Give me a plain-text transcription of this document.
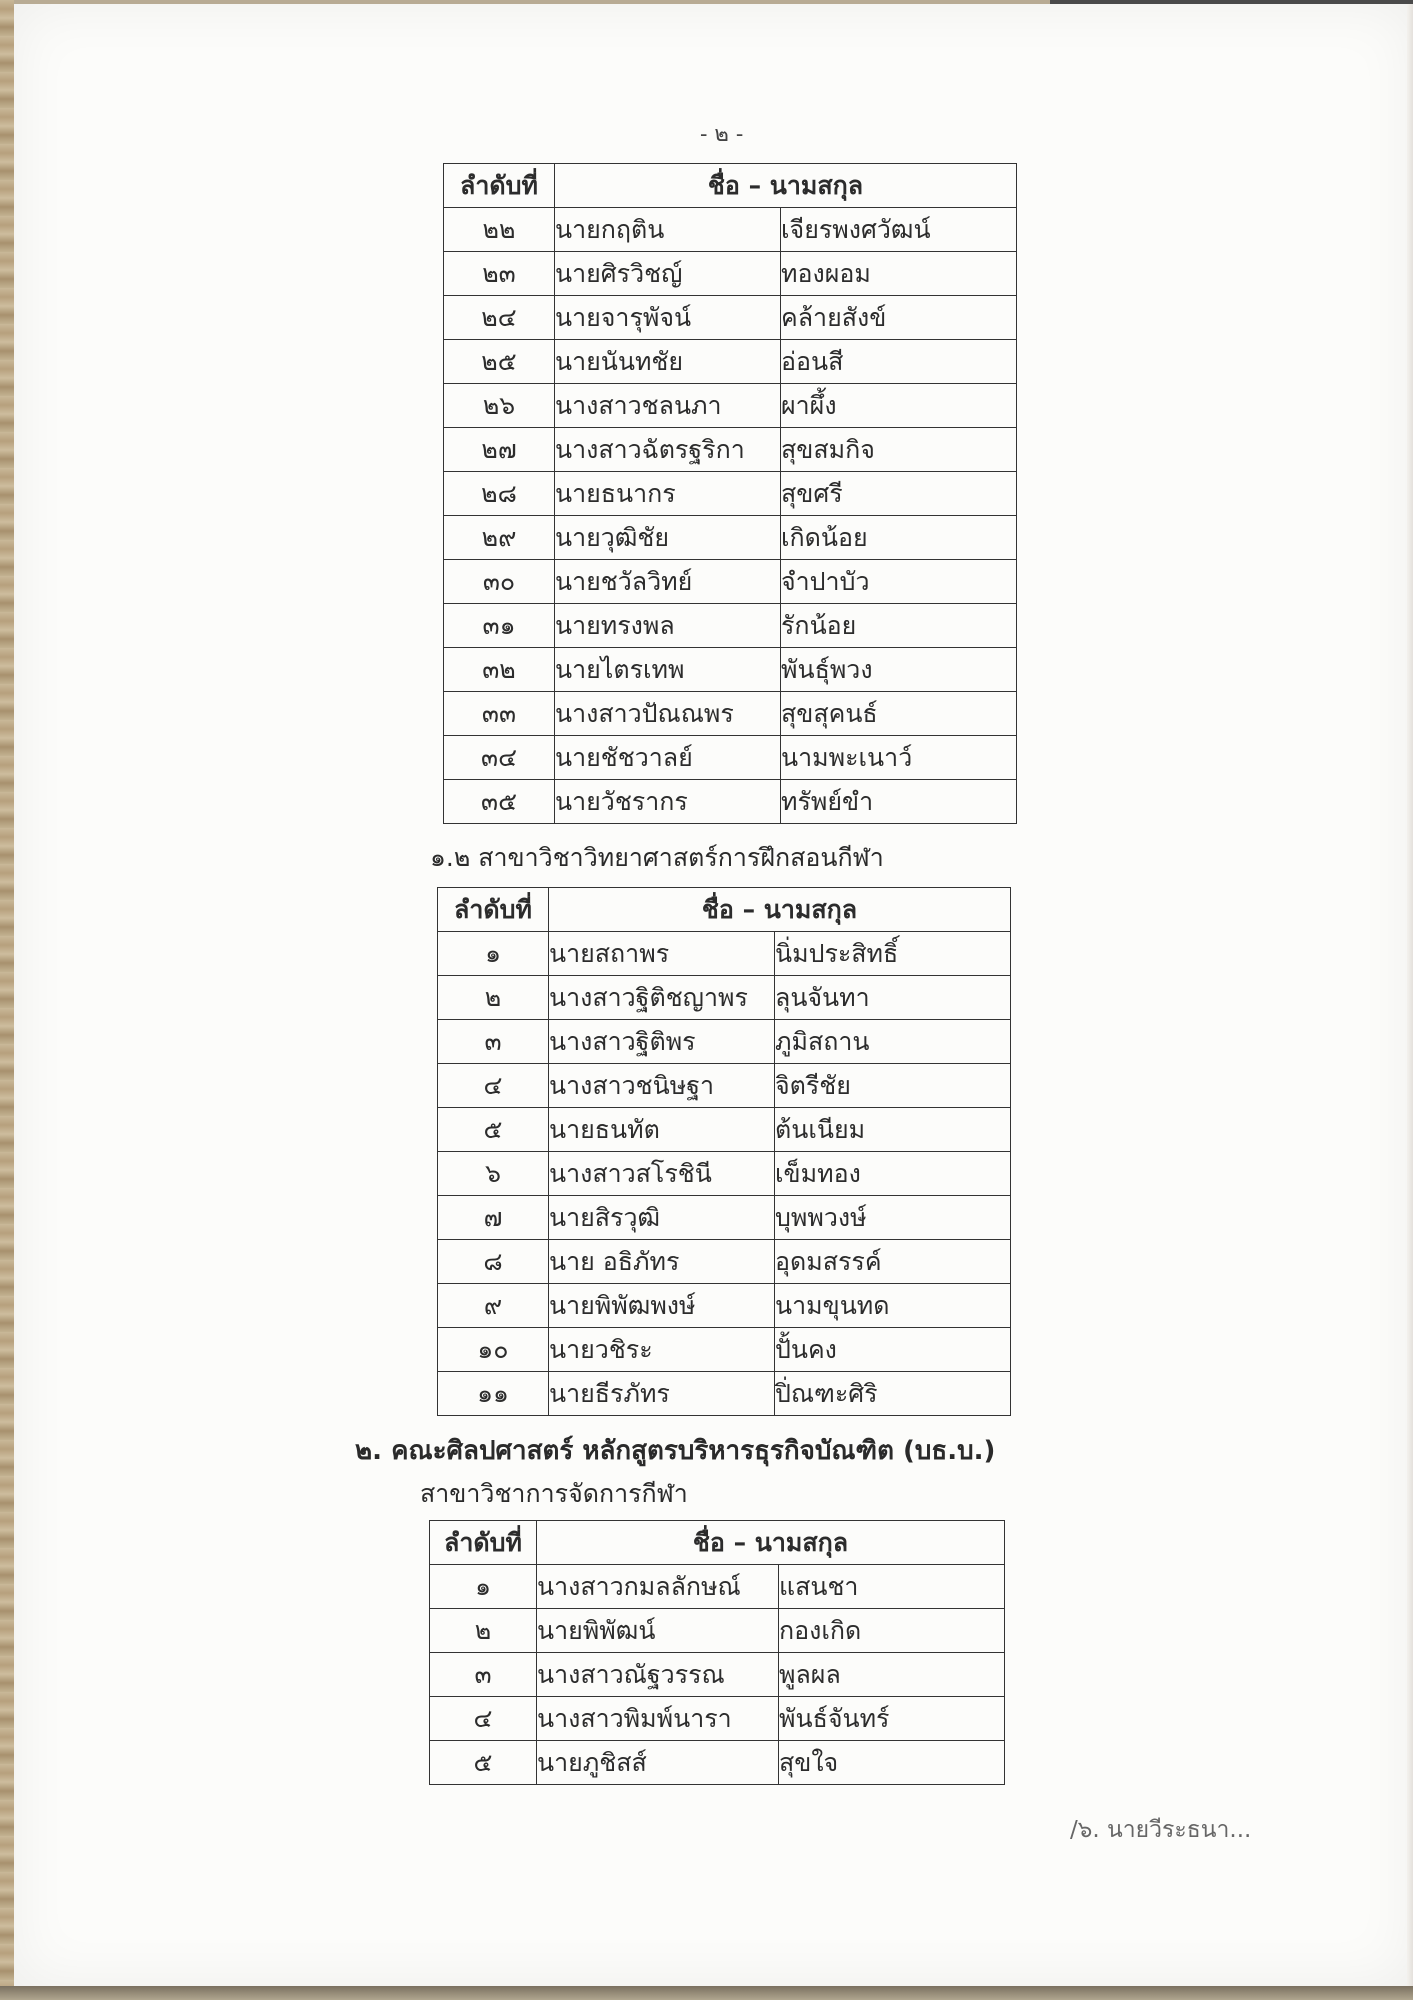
- ๒ -
ลำดับที่	ชื่อ – นามสกุล	
๒๒	นายกฤติน	เจียรพงศวัฒน์
๒๓	นายศิรวิชญ์	ทองผอม
๒๔	นายจารุพัจน์	คล้ายสังข์
๒๕	นายนันทชัย	อ่อนสี
๒๖	นางสาวชลนภา	ผาผึ้ง
๒๗	นางสาวฉัตรฐริกา	สุขสมกิจ
๒๘	นายธนากร	สุขศรี
๒๙	นายวุฒิชัย	เกิดน้อย
๓๐	นายชวัลวิทย์	จำปาบัว
๓๑	นายทรงพล	รักน้อย
๓๒	นายไตรเทพ	พันธุ์พวง
๓๓	นางสาวปัณณพร	สุขสุคนธ์
๓๔	นายชัชวาลย์	นามพะเนาว์
๓๕	นายวัชรากร	ทรัพย์ขำ
๑.๒ สาขาวิชาวิทยาศาสตร์การฝึกสอนกีฬา
ลำดับที่	ชื่อ – นามสกุล	
๑	นายสถาพร	นิ่มประสิทธิ์
๒	นางสาวฐิติชญาพร	ลุนจันทา
๓	นางสาวฐิติพร	ภูมิสถาน
๔	นางสาวชนิษฐา	จิตรีชัย
๕	นายธนทัต	ต้นเนียม
๖	นางสาวสโรชินี	เข็มทอง
๗	นายสิรวุฒิ	บุพพวงษ์
๘	นาย อธิภัทร	อุดมสรรค์
๙	นายพิพัฒพงษ์	นามขุนทด
๑๐	นายวชิระ	ปั้นคง
๑๑	นายธีรภัทร	ปิ่ณฑะศิริ
๒. คณะศิลปศาสตร์ หลักสูตรบริหารธุรกิจบัณฑิต (บธ.บ.)
สาขาวิชาการจัดการกีฬา
ลำดับที่	ชื่อ – นามสกุล	
๑	นางสาวกมลลักษณ์	แสนชา
๒	นายพิพัฒน์	กองเกิด
๓	นางสาวณัฐวรรณ	พูลผล
๔	นางสาวพิมพ์นารา	พันธ์จันทร์
๕	นายภูชิสส์	สุขใจ
/๖. นายวีระธนา...
